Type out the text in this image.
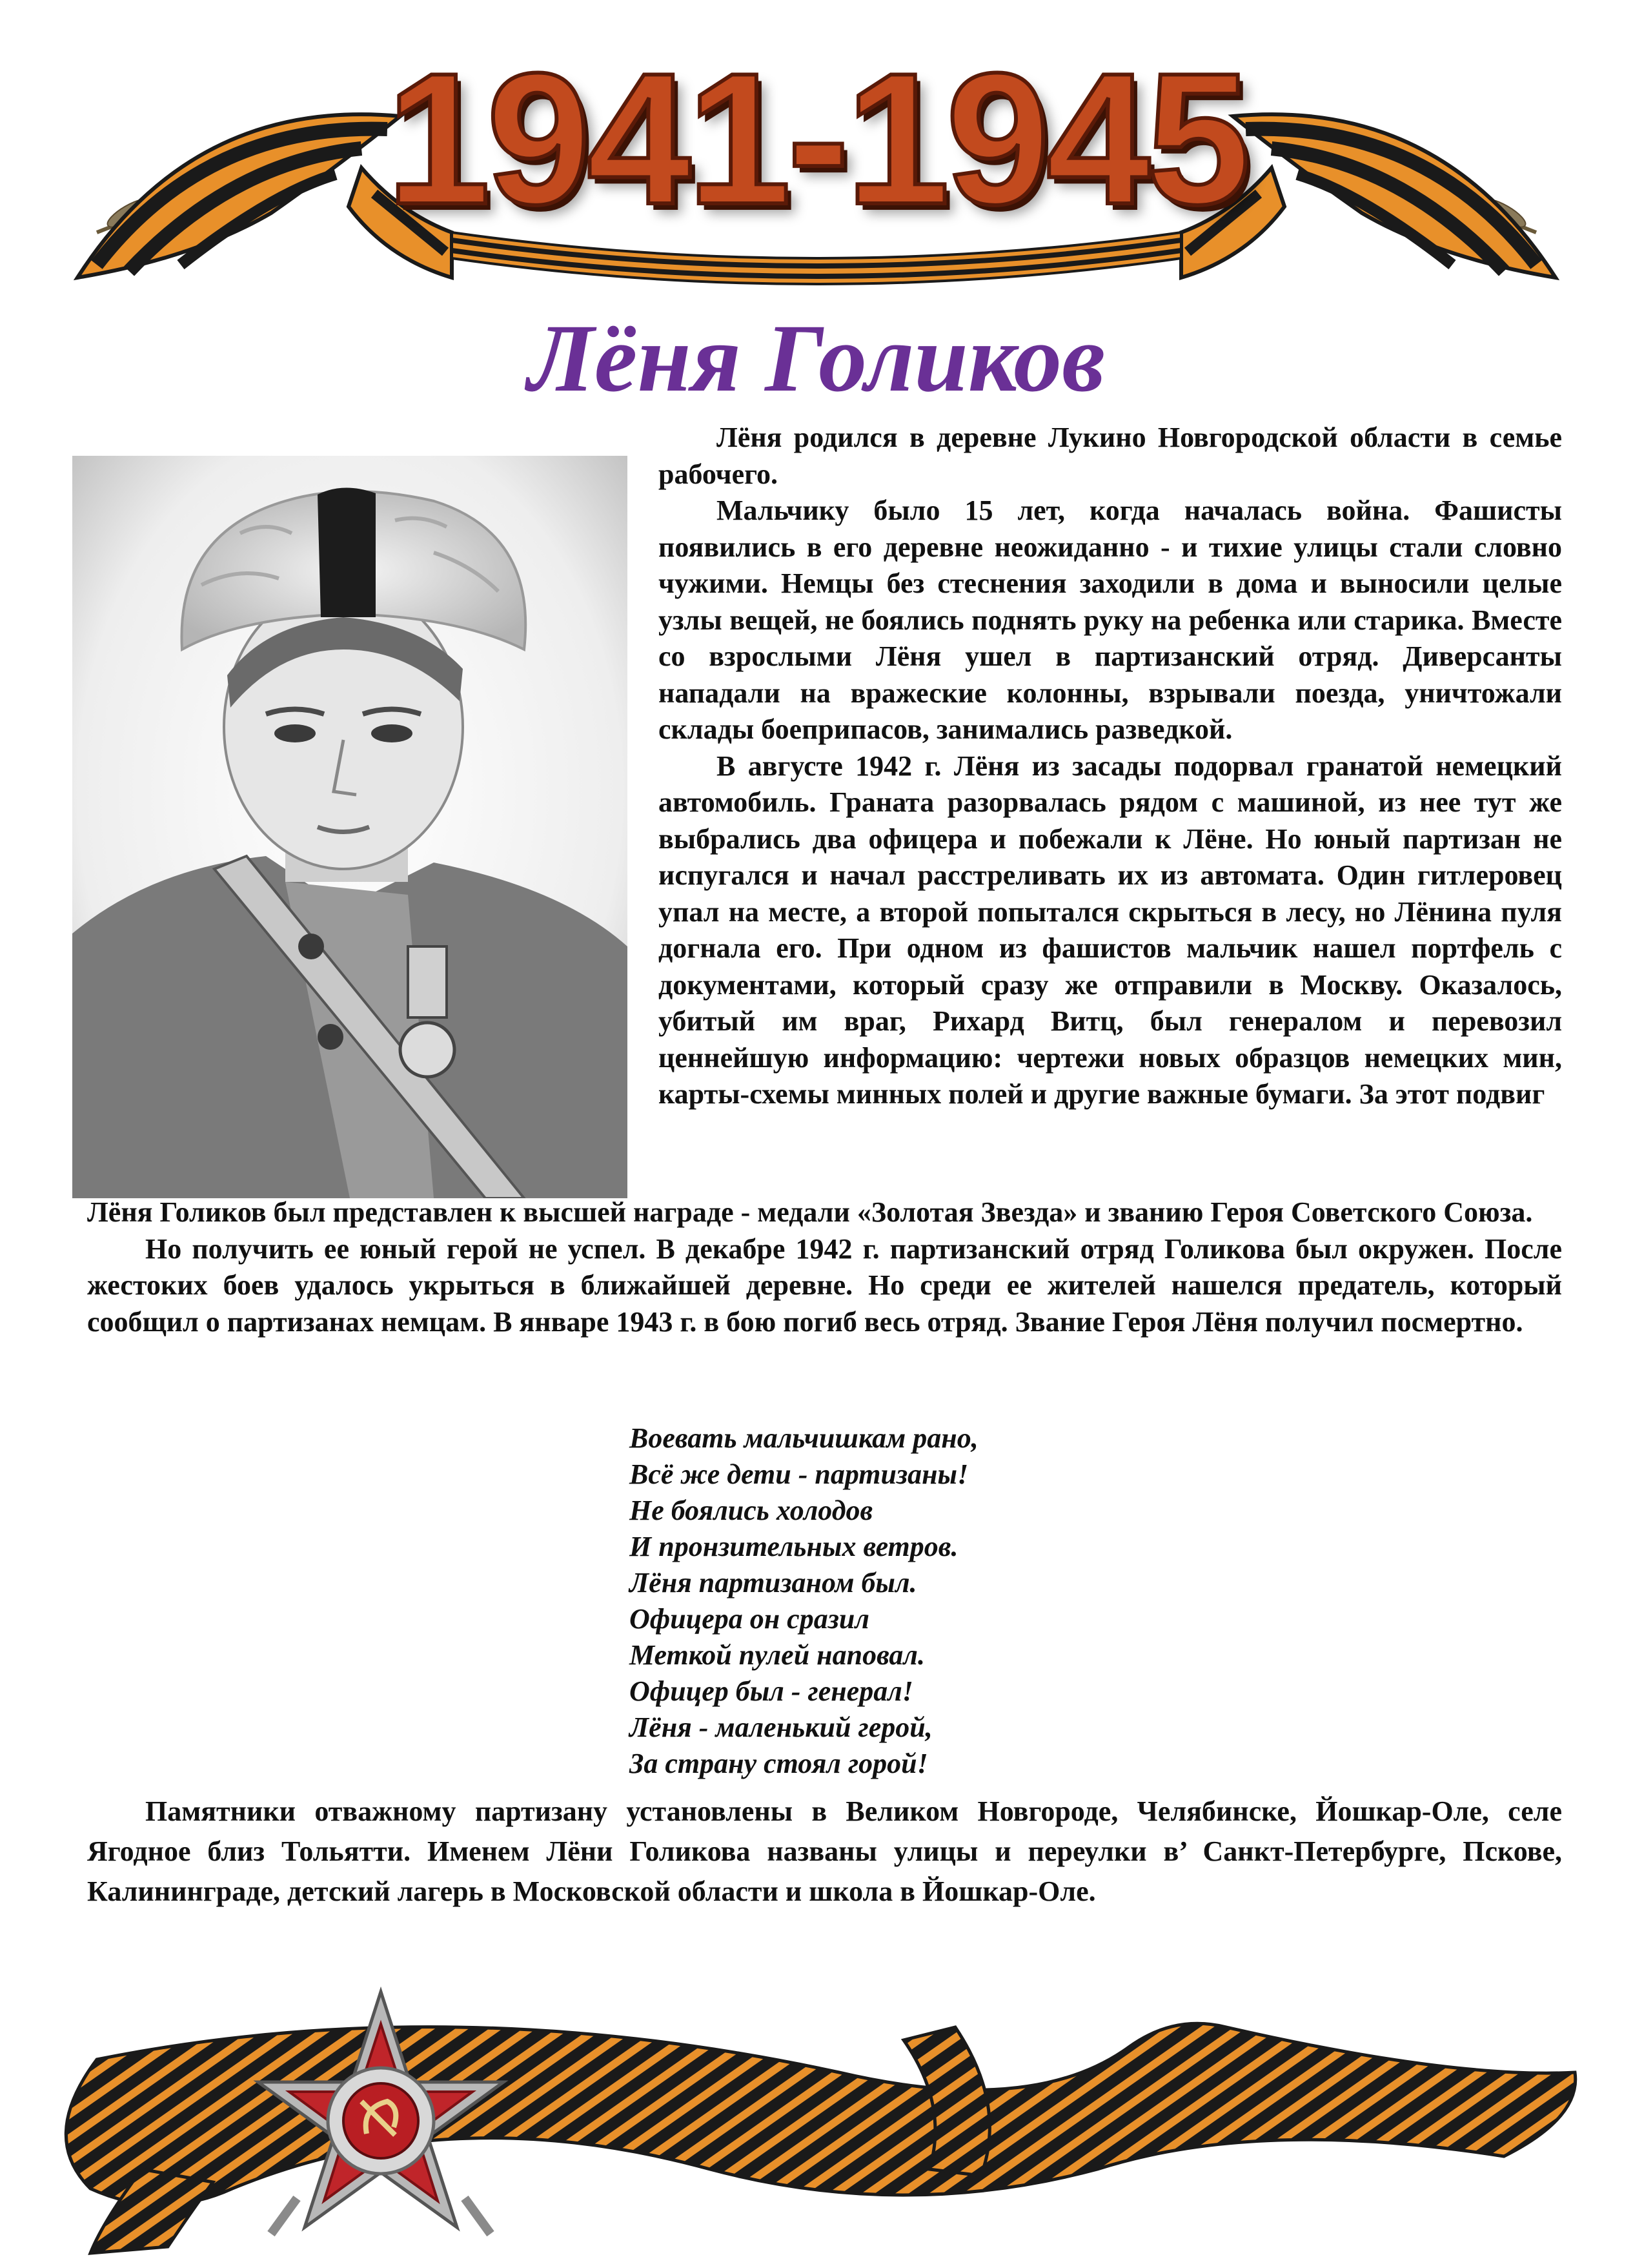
1941-1945
Лёня Голиков

Лёня родился в деревне Лукино Новгородской области в семье рабочего.

Мальчику было 15 лет, когда началась война. Фашисты появились в его деревне неожиданно - и тихие улицы стали словно чужими. Немцы без стеснения заходили в дома и выносили целые узлы вещей, не боялись поднять руку на ребенка или старика. Вместе со взрослыми Лёня ушел в партизанский отряд. Диверсанты нападали на вражеские колонны, взрывали поезда, уничтожали склады боеприпасов, занимались разведкой.

В августе 1942 г. Лёня из засады подорвал гранатой немецкий автомобиль. Граната разорвалась рядом с машиной, из нее тут же выбрались два офицера и побежали к Лёне. Но юный партизан не испугался и начал расстреливать их из автомата. Один гитлеровец упал на месте, а второй попытался скрыться в лесу, но Лёнина пуля догнала его. При одном из фашистов мальчик нашел портфель с документами, который сразу же отправили в Москву. Оказалось, убитый им враг, Рихард Витц, был генералом и перевозил ценнейшую информацию: чертежи новых образцов немецких мин, карты-схемы минных полей и другие важные бумаги. За этот подвиг

Лёня Голиков был представлен к высшей награде - медали «Золотая Звезда» и званию Героя Советского Союза.

Но получить ее юный герой не успел. В декабре 1942 г. партизанский отряд Голикова был окружен. После жестоких боев удалось укрыться в ближайшей деревне. Но среди ее жителей нашелся предатель, который сообщил о партизанах немцам. В январе 1943 г. в бою погиб весь отряд. Звание Героя Лёня получил посмертно.

Воевать мальчишкам рано,
Всё же дети - партизаны!
Не боялись холодов
И пронзительных ветров.
Лёня партизаном был.
Офицера он сразил
Меткой пулей наповал.
Офицер был - генерал!
Лёня - маленький герой,
За страну стоял горой!

Памятники отважному партизану установлены в Великом Новгороде, Челябинске, Йошкар-Оле, селе Ягодное близ Тольятти. Именем Лёни Голикова названы улицы и переулки в’ Санкт-Петербурге, Пскове, Калининграде, детский лагерь в Московской области и школа в Йошкар-Оле.
